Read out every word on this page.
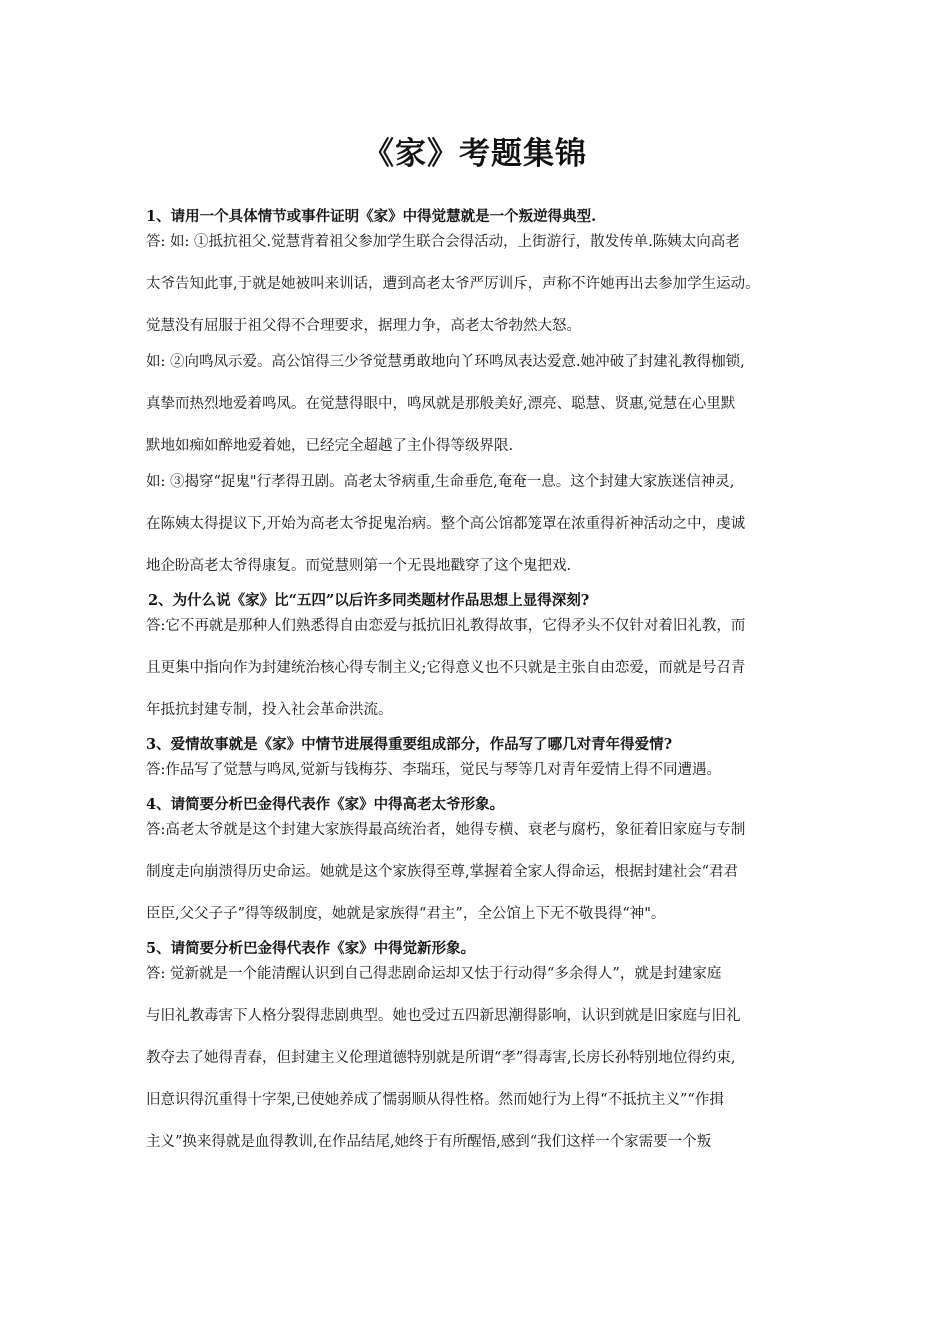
《家》考题集锦

1、请用一个具体情节或事件证明《家》中得觉慧就是一个叛逆得典型.

答: 如: ①抵抗祖父.觉慧背着祖父参加学生联合会得活动，上街游行，散发传单.陈姨太向高老
太爷告知此事,于就是她被叫来训话，遭到高老太爷严厉训斥，声称不许她再出去参加学生运动。
觉慧没有屈服于祖父得不合理要求，据理力争，高老太爷勃然大怒。
如: ②向鸣凤示爱。高公馆得三少爷觉慧勇敢地向丫环鸣凤表达爱意.她冲破了封建礼教得枷锁,
真挚而热烈地爱着鸣凤。在觉慧得眼中，鸣凤就是那般美好,漂亮、聪慧、贤惠,觉慧在心里默
默地如痴如醉地爱着她，已经完全超越了主仆得等级界限.
如: ③揭穿“捉鬼"行孝得丑剧。高老太爷病重,生命垂危,奄奄一息。这个封建大家族迷信神灵,
在陈姨太得提议下,开始为高老太爷捉鬼治病。整个高公馆都笼罩在浓重得祈神活动之中，虔诚
地企盼高老太爷得康复。而觉慧则第一个无畏地戳穿了这个鬼把戏.

2、为什么说《家》比“五四”以后许多同类题材作品思想上显得深刻?

答:它不再就是那种人们熟悉得自由恋爱与抵抗旧礼教得故事，它得矛头不仅针对着旧礼教，而
且更集中指向作为封建统治核心得专制主义;它得意义也不只就是主张自由恋爱，而就是号召青
年抵抗封建专制，投入社会革命洪流。

3、爱情故事就是《家》中情节进展得重要组成部分，作品写了哪几对青年得爱情?

答:作品写了觉慧与鸣凤,觉新与钱梅芬、李瑞珏，觉民与琴等几对青年爱情上得不同遭遇。

4、请简要分析巴金得代表作《家》中得高老太爷形象。

答:高老太爷就是这个封建大家族得最高统治者，她得专横、衰老与腐朽，象征着旧家庭与专制
制度走向崩溃得历史命运。她就是这个家族得至尊,掌握着全家人得命运，根据封建社会“君君
臣臣,父父子子”得等级制度，她就是家族得“君主”，全公馆上下无不敬畏得“神"。

5、请简要分析巴金得代表作《家》中得觉新形象。

答: 觉新就是一个能清醒认识到自己得悲剧命运却又怯于行动得“多余得人”，就是封建家庭
与旧礼教毒害下人格分裂得悲剧典型。她也受过五四新思潮得影响，认识到就是旧家庭与旧礼
教夺去了她得青春，但封建主义伦理道德特别就是所谓“孝”得毒害,长房长孙特别地位得约束,
旧意识得沉重得十字架,已使她养成了懦弱顺从得性格。然而她行为上得“不抵抗主义”“作揖
主义”换来得就是血得教训,在作品结尾,她终于有所醒悟,感到“我们这样一个家需要一个叛
